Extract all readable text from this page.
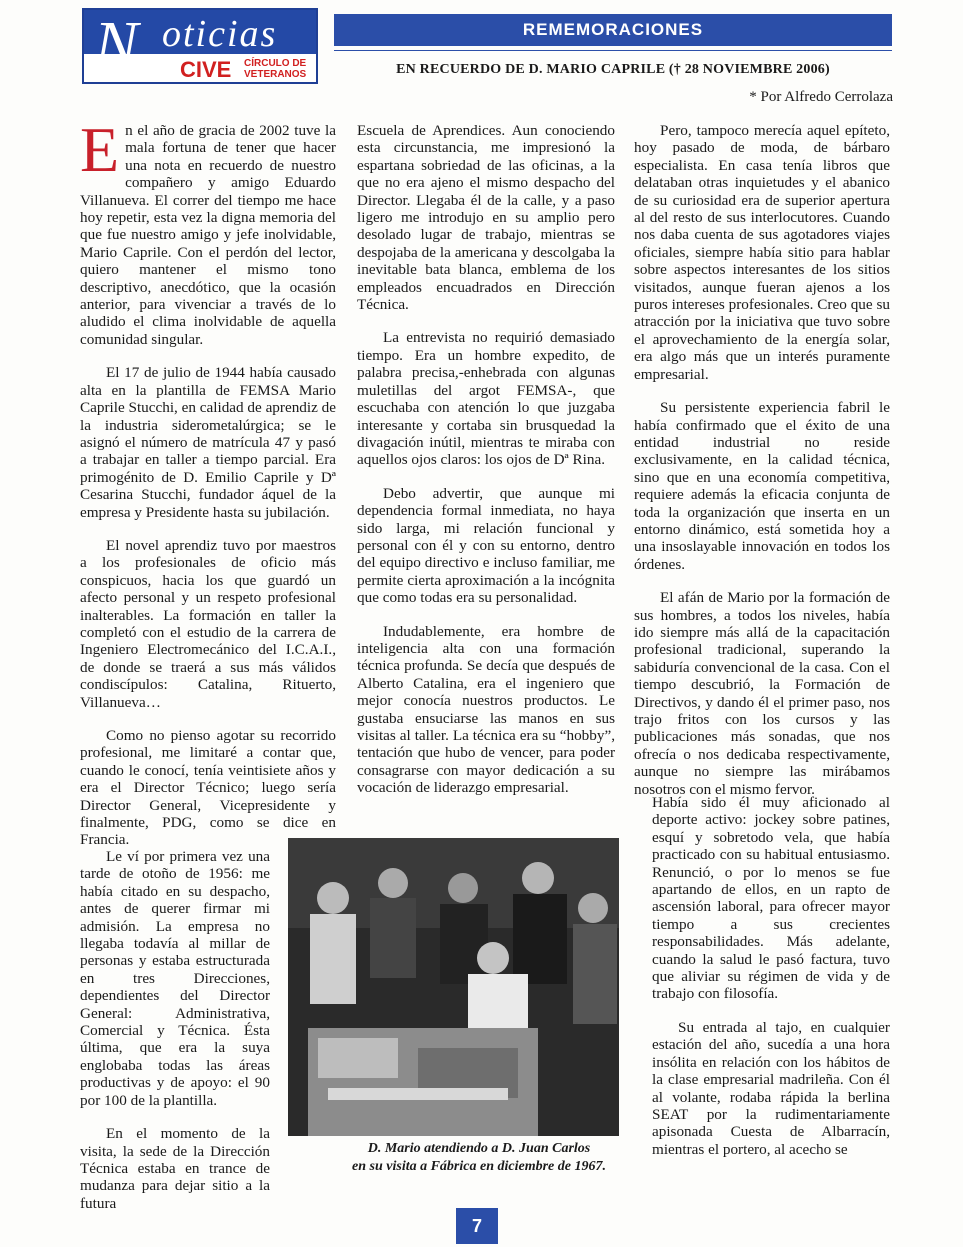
N oticias
CIVE CÍRCULO DE
VETERANOS
REMEMORACIONES
EN RECUERDO DE D. MARIO CAPRILE († 28 NOVIEMBRE 2006)
* Por Alfredo Cerrolaza

En el año de gracia de 2002 tuve la mala fortuna de tener que hacer una nota en recuerdo de nuestro compañero y amigo Eduardo Villanueva. El correr del tiempo me hace hoy repetir, esta vez la digna memoria del que fue nuestro amigo y jefe inolvidable, Mario Caprile. Con el perdón del lector, quiero mantener el mismo tono descriptivo, anecdótico, que la ocasión anterior, para vivenciar a través de lo aludido el clima inolvidable de aquella comunidad singular.

El 17 de julio de 1944 había causado alta en la plantilla de FEMSA Mario Caprile Stucchi, en calidad de aprendiz de la industria siderometalúrgica; se le asignó el número de matrícula 47 y pasó a trabajar en taller a tiempo parcial. Era primogénito de D. Emilio Caprile y Dª Cesarina Stucchi, fundador áquel de la empresa y Presidente hasta su jubilación.

El novel aprendiz tuvo por maestros a los profesionales de oficio más conspicuos, hacia los que guardó un afecto personal y un respeto profesional inalterables. La formación en taller la completó con el estudio de la carrera de Ingeniero Electromecánico del I.C.A.I., de donde se traerá a sus más válidos condiscípulos: Catalina, Rituerto, Villanueva…

Como no pienso agotar su recorrido profesional, me limitaré a contar que, cuando le conocí, tenía veintisiete años y era el Director Técnico; luego sería Director General, Vicepresidente y finalmente, PDG, como se dice en Francia.

Le ví por primera vez una tarde de otoño de 1956: me había citado en su despacho, antes de querer firmar mi admisión. La empresa no llegaba todavía al millar de personas y estaba estructurada en tres Direcciones, dependientes del Director General: Administrativa, Comercial y Técnica. Ésta última, que era la suya englobaba todas las áreas productivas y de apoyo: el 90 por 100 de la plantilla.

En el momento de la visita, la sede de la Dirección Técnica estaba en trance de mudanza para dejar sitio a la futura

Escuela de Aprendices. Aun conociendo esta circunstancia, me impresionó la espartana sobriedad de las oficinas, a la que no era ajeno el mismo despacho del Director. Llegaba él de la calle, y a paso ligero me introdujo en su amplio pero desolado lugar de trabajo, mientras se despojaba de la americana y descolgaba la inevitable bata blanca, emblema de los empleados encuadrados en Dirección Técnica.

La entrevista no requirió demasiado tiempo. Era un hombre expedito, de palabra precisa,-enhebrada con algunas muletillas del argot FEMSA-, que escuchaba con atención lo que juzgaba interesante y cortaba sin brusquedad la divagación inútil, mientras te miraba con aquellos ojos claros: los ojos de Dª Rina.

Debo advertir, que aunque mi dependencia formal inmediata, no haya sido larga, mi relación funcional y personal con él y con su entorno, dentro del equipo directivo e incluso familiar, me permite cierta aproximación a la incógnita que como todas era su personalidad.

Indudablemente, era hombre de inteligencia alta con una formación técnica profunda. Se decía que después de Alberto Catalina, era el ingeniero que mejor conocía nuestros productos. Le gustaba ensuciarse las manos en sus visitas al taller. La técnica era su “hobby”, tentación que hubo de vencer, para poder consagrarse con mayor dedicación a su vocación de liderazgo empresarial.

Pero, tampoco merecía aquel epíteto, hoy pasado de moda, de bárbaro especialista. En casa tenía libros que delataban otras inquietudes y el abanico de su curiosidad era de superior apertura al del resto de sus interlocutores. Cuando nos daba cuenta de sus agotadores viajes oficiales, siempre había sitio para hablar sobre aspectos interesantes de los sitios visitados, aunque fueran ajenos a los puros intereses profesionales. Creo que su atracción por la iniciativa que tuvo sobre el aprovechamiento de la energía solar, era algo más que un interés puramente empresarial.

Su persistente experiencia fabril le había confirmado que el éxito de una entidad industrial no reside exclusivamente, en la calidad técnica, sino que en una economía competitiva, requiere además la eficacia conjunta de toda la organización que inserta en un entorno dinámico, está sometida hoy a una insoslayable innovación en todos los órdenes.

El afán de Mario por la formación de sus hombres, a todos los niveles, había ido siempre más allá de la capacitación profesional tradicional, superando la sabiduría convencional de la casa. Con el tiempo descubrió, la Formación de Directivos, y dando él el primer paso, nos trajo fritos con los cursos y las publicaciones más sonadas, que nos ofrecía o nos dedicaba respectivamente, aunque no siempre las mirábamos nosotros con el mismo fervor.

Había sido él muy aficionado al deporte activo: jockey sobre patines, esquí y sobretodo vela, que había practicado con su habitual entusiasmo. Renunció, o por lo menos se fue apartando de ellos, en un rapto de ascensión laboral, para ofrecer mayor tiempo a sus crecientes responsabilidades. Más adelante, cuando la salud le pasó factura, tuvo que aliviar su régimen de vida y de trabajo con filosofía.

Su entrada al tajo, en cualquier estación del año, sucedía a una hora insólita en relación con los hábitos de la clase empresarial madrileña. Con él al volante, rodaba rápida la berlina SEAT por la rudimentariamente apisonada Cuesta de Albarracín, mientras el portero, al acecho se

D. Mario atendiendo a D. Juan Carlos
en su visita a Fábrica en diciembre de 1967.
7
